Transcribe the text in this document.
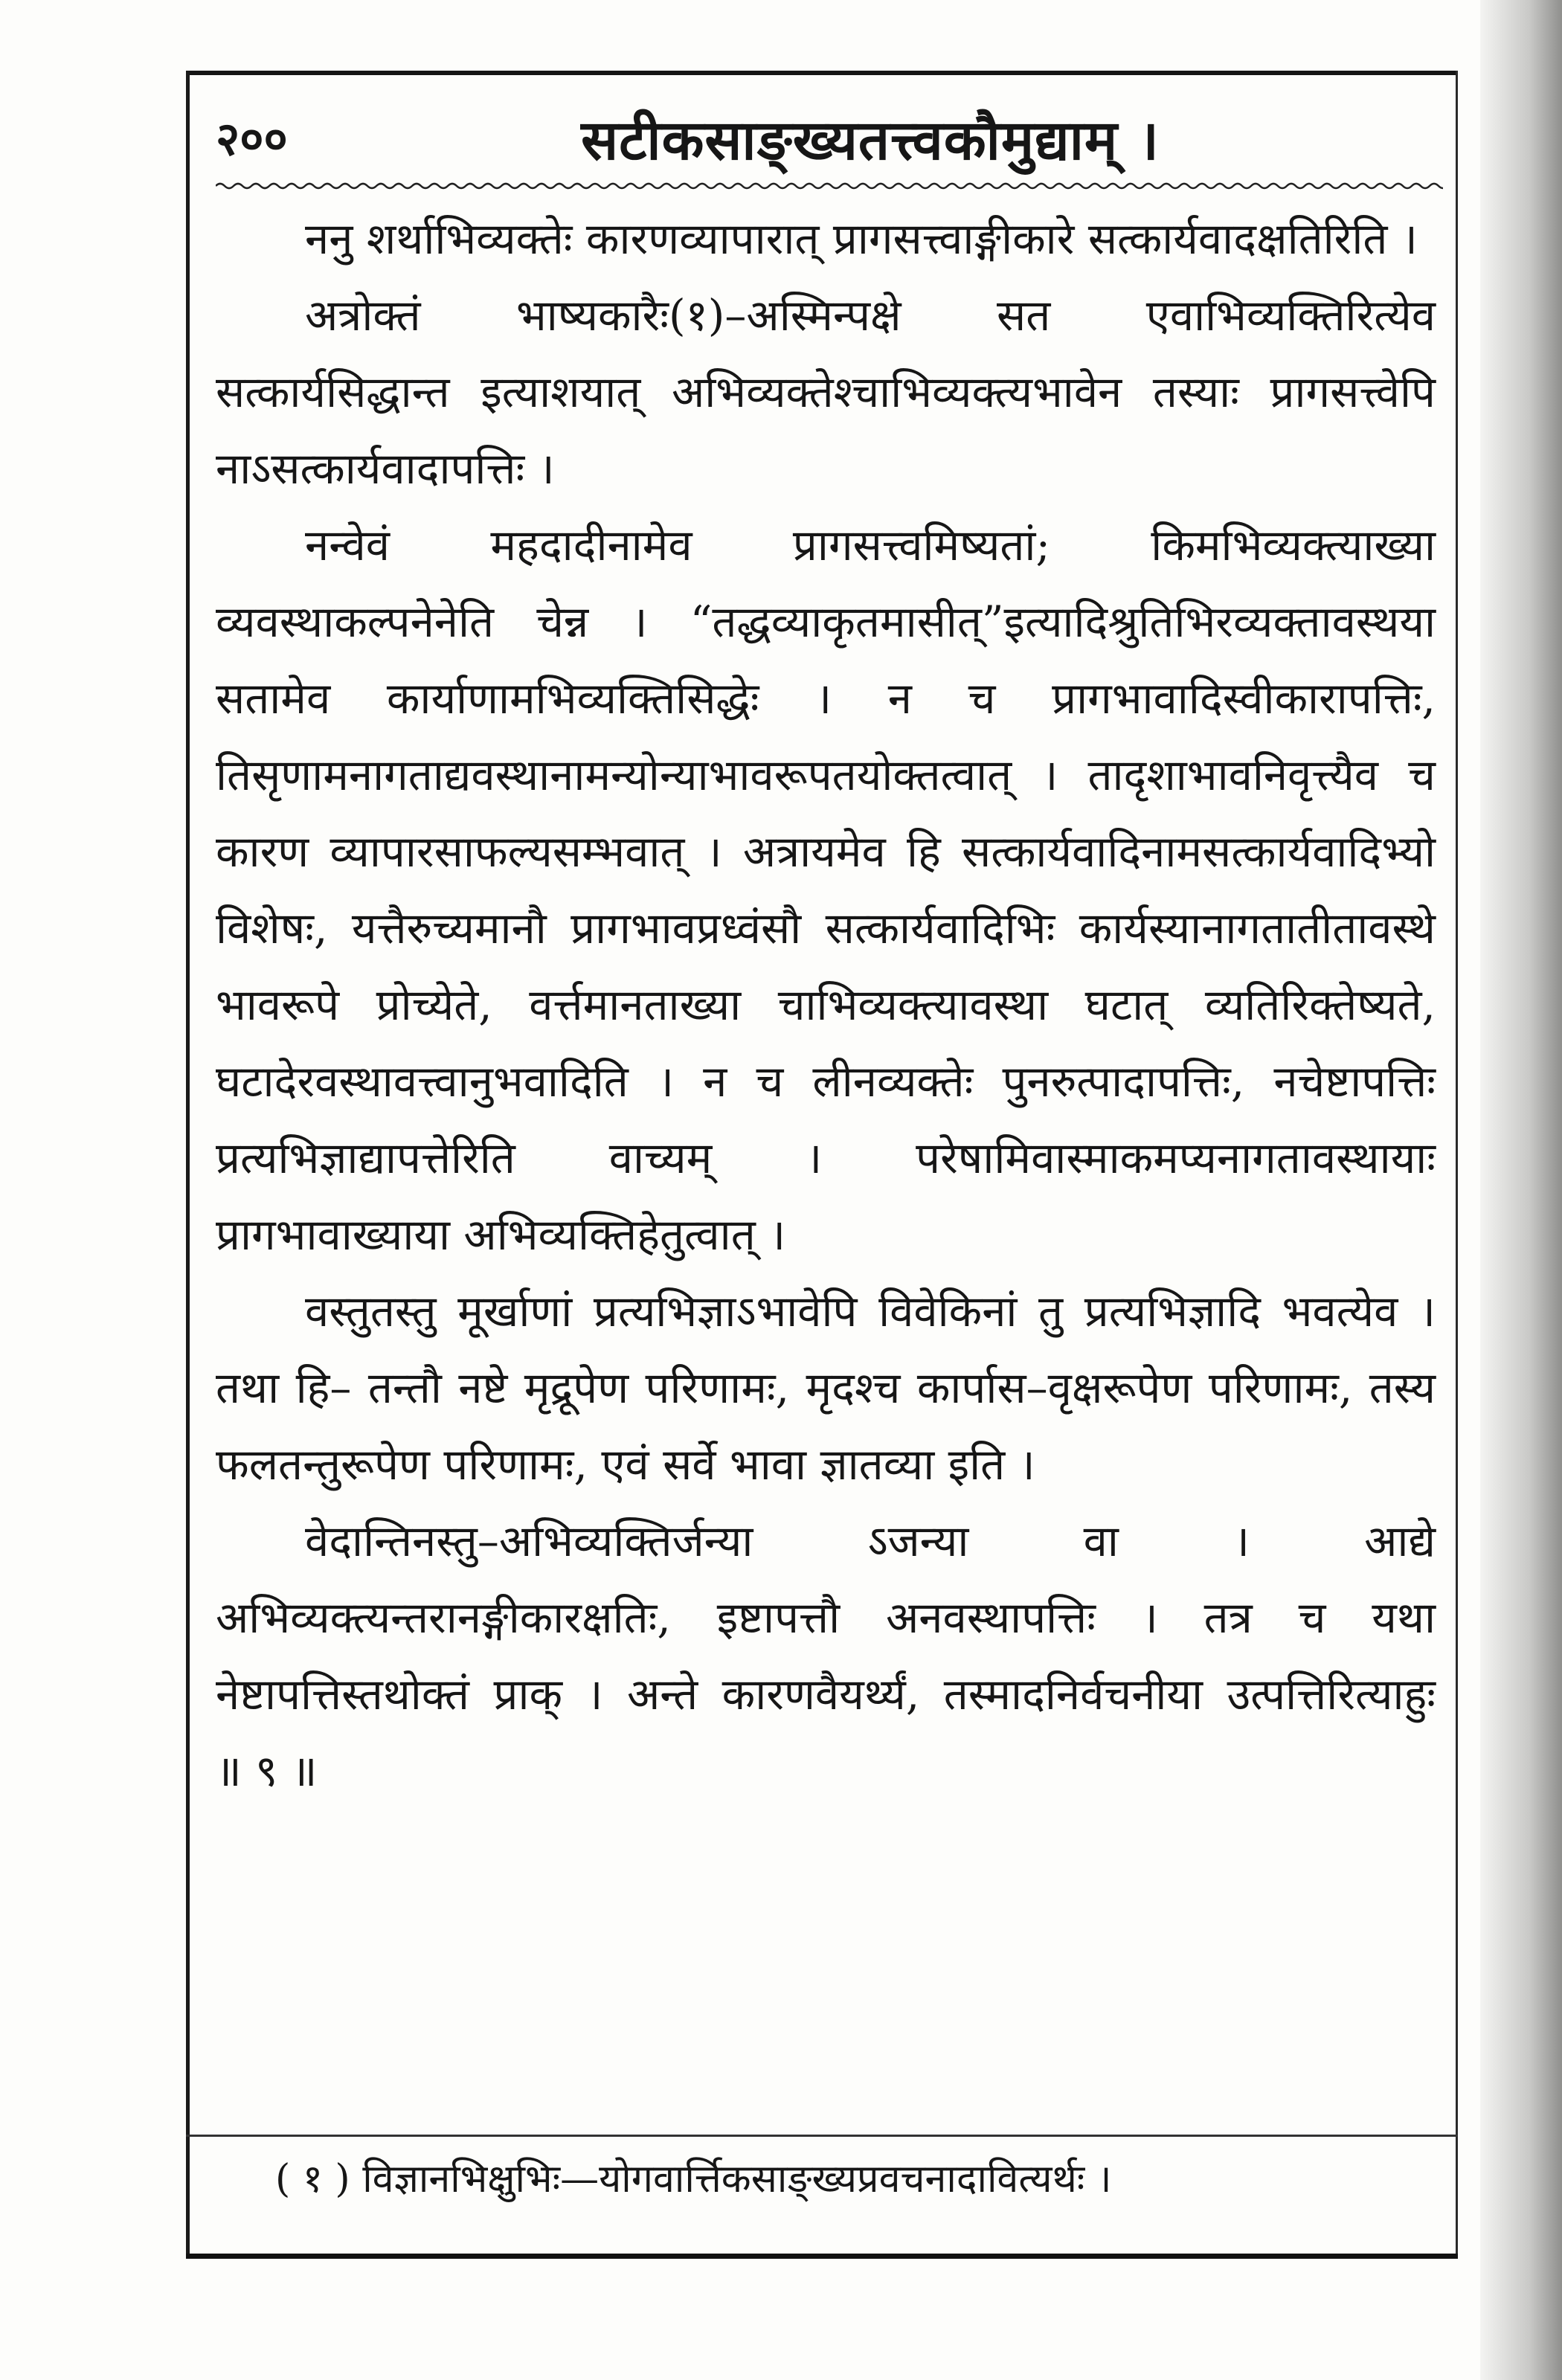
२००	सटीकसाङ्ख्यतत्त्वकौमुद्याम् ।

ननु शर्थाभिव्यक्तेः कारणव्यापारात् प्रागसत्त्वाङ्गीकारे सत्कार्यवादक्षतिरिति ।

अत्रोक्तं भाष्यकारैः(१)–अस्मिन्पक्षे सत एवाभिव्यक्तिरित्येव सत्कार्यसिद्धान्त इत्याशयात् अभिव्यक्तेश्चाभिव्यक्त्यभावेन तस्याः प्रागसत्त्वेपि नाऽसत्कार्यवादापत्तिः ।

नन्वेवं महदादीनामेव प्रागसत्त्वमिष्यतां; किमभिव्यक्त्याख्या व्यवस्थाकल्पनेनेति चेन्न । “तद्धव्याकृतमासीत्”इत्यादिश्रुतिभिरव्यक्तावस्थया सतामेव कार्याणामभिव्यक्तिसिद्धेः । न च प्रागभावादिस्वीकारापत्तिः, तिसृणामनागताद्यवस्थानामन्योन्याभावरूपतयोक्तत्वात् । तादृशाभावनिवृत्त्यैव च कारण व्यापारसाफल्यसम्भवात् । अत्रायमेव हि सत्कार्यवादिनामसत्कार्यवादिभ्यो विशेषः, यत्तैरुच्यमानौ प्रागभावप्रध्वंसौ सत्कार्यवादिभिः कार्यस्यानागतातीतावस्थे भावरूपे प्रोच्येते, वर्त्तमानताख्या चाभिव्यक्त्यावस्था घटात् व्यतिरिक्तेष्यते, घटादेरवस्थावत्त्वानुभवादिति । न च लीनव्यक्तेः पुनरुत्पादापत्तिः, नचेष्टापत्तिः प्रत्यभिज्ञाद्यापत्तेरिति वाच्यम् । परेषामिवास्माकमप्यनागतावस्थायाः प्रागभावाख्याया अभिव्यक्तिहेतुत्वात् ।

वस्तुतस्तु मूर्खाणां प्रत्यभिज्ञाऽभावेपि विवेकिनां तु प्रत्यभिज्ञादि भवत्येव । तथा हि– तन्तौ नष्टे मृद्रूपेण परिणामः, मृदश्च कार्पास–वृक्षरूपेण परिणामः, तस्य फलतन्तुरूपेण परिणामः, एवं सर्वे भावा ज्ञातव्या इति ।

वेदान्तिनस्तु–अभिव्यक्तिर्जन्या ऽजन्या वा । आद्ये अभिव्यक्त्यन्तरानङ्गीकारक्षतिः, इष्टापत्तौ अनवस्थापत्तिः । तत्र च यथा नेष्टापत्तिस्तथोक्तं प्राक् । अन्ते कारणवैयर्थ्यं, तस्मादनिर्वचनीया उत्पत्तिरित्याहुः ॥ ९ ॥

( १ ) विज्ञानभिक्षुभिः—योगवार्त्तिकसाङ्ख्यप्रवचनादावित्यर्थः ।
